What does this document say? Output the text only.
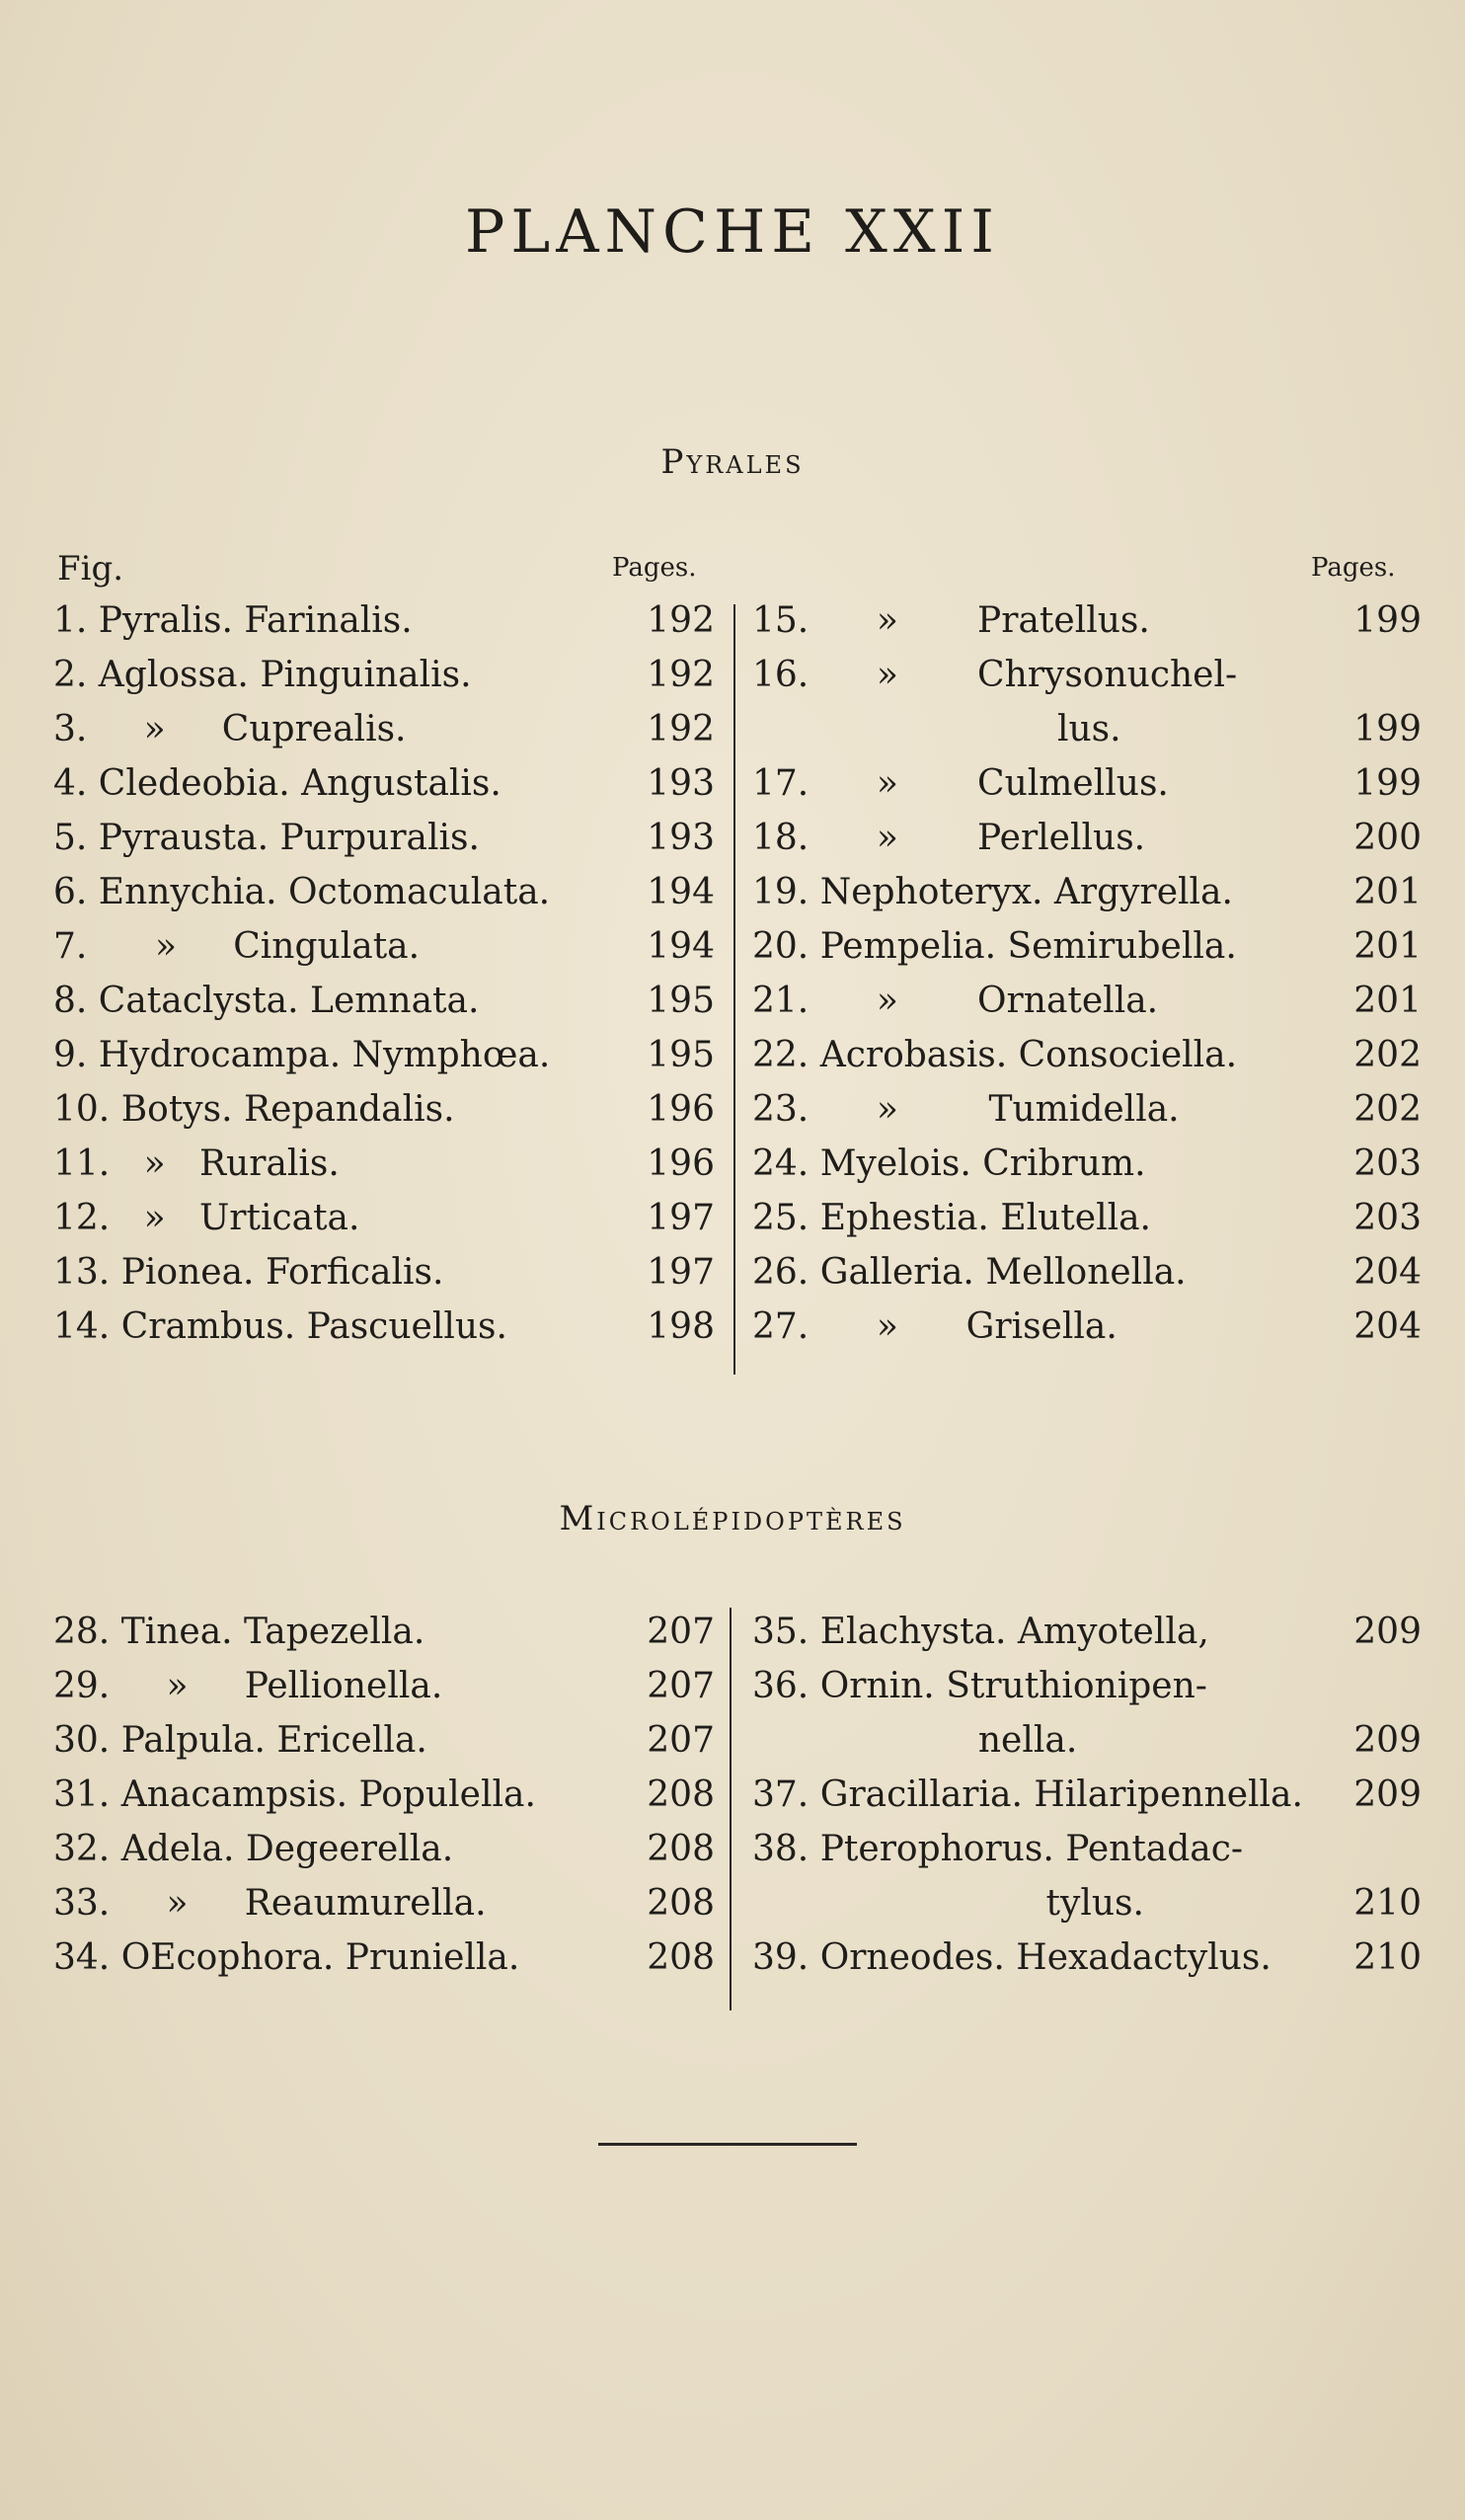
PLANCHE XXII
Pyrales
Fig.	Pages.	Pages.
1. Pyralis. Farinalis.	192
2. Aglossa. Pinguinalis.	192
3.     »     Cuprealis.	192
4. Cledeobia. Angustalis.	193
5. Pyrausta. Purpuralis.	193
6. Ennychia. Octomaculata.	194
7.      »     Cingulata.	194
8. Cataclysta. Lemnata.	195
9. Hydrocampa. Nymphœa.	195
10. Botys. Repandalis.	196
11.   »   Ruralis.	196
12.   »   Urticata.	197
13. Pionea. Forficalis.	197
14. Crambus. Pascuellus.	198
15.      »       Pratellus.	199
16.      »       Chrysonuchel-
lus.	199
17.      »       Culmellus.	199
18.      »       Perlellus.	200
19. Nephoteryx. Argyrella.	201
20. Pempelia. Semirubella.	201
21.      »       Ornatella.	201
22. Acrobasis. Consociella.	202
23.      »        Tumidella.	202
24. Myelois. Cribrum.	203
25. Ephestia. Elutella.	203
26. Galleria. Mellonella.	204
27.      »      Grisella.	204
Microlépidoptères
28. Tinea. Tapezella.	207
29.     »     Pellionella.	207
30. Palpula. Ericella.	207
31. Anacampsis. Populella.	208
32. Adela. Degeerella.	208
33.     »     Reaumurella.	208
34. OEcophora. Pruniella.	208
35. Elachysta. Amyotella,	209
36. Ornin. Struthionipen-
nella.	209
37. Gracillaria. Hilaripennella. 209
38. Pterophorus. Pentadac-
tylus.	210
39. Orneodes. Hexadactylus. 210
